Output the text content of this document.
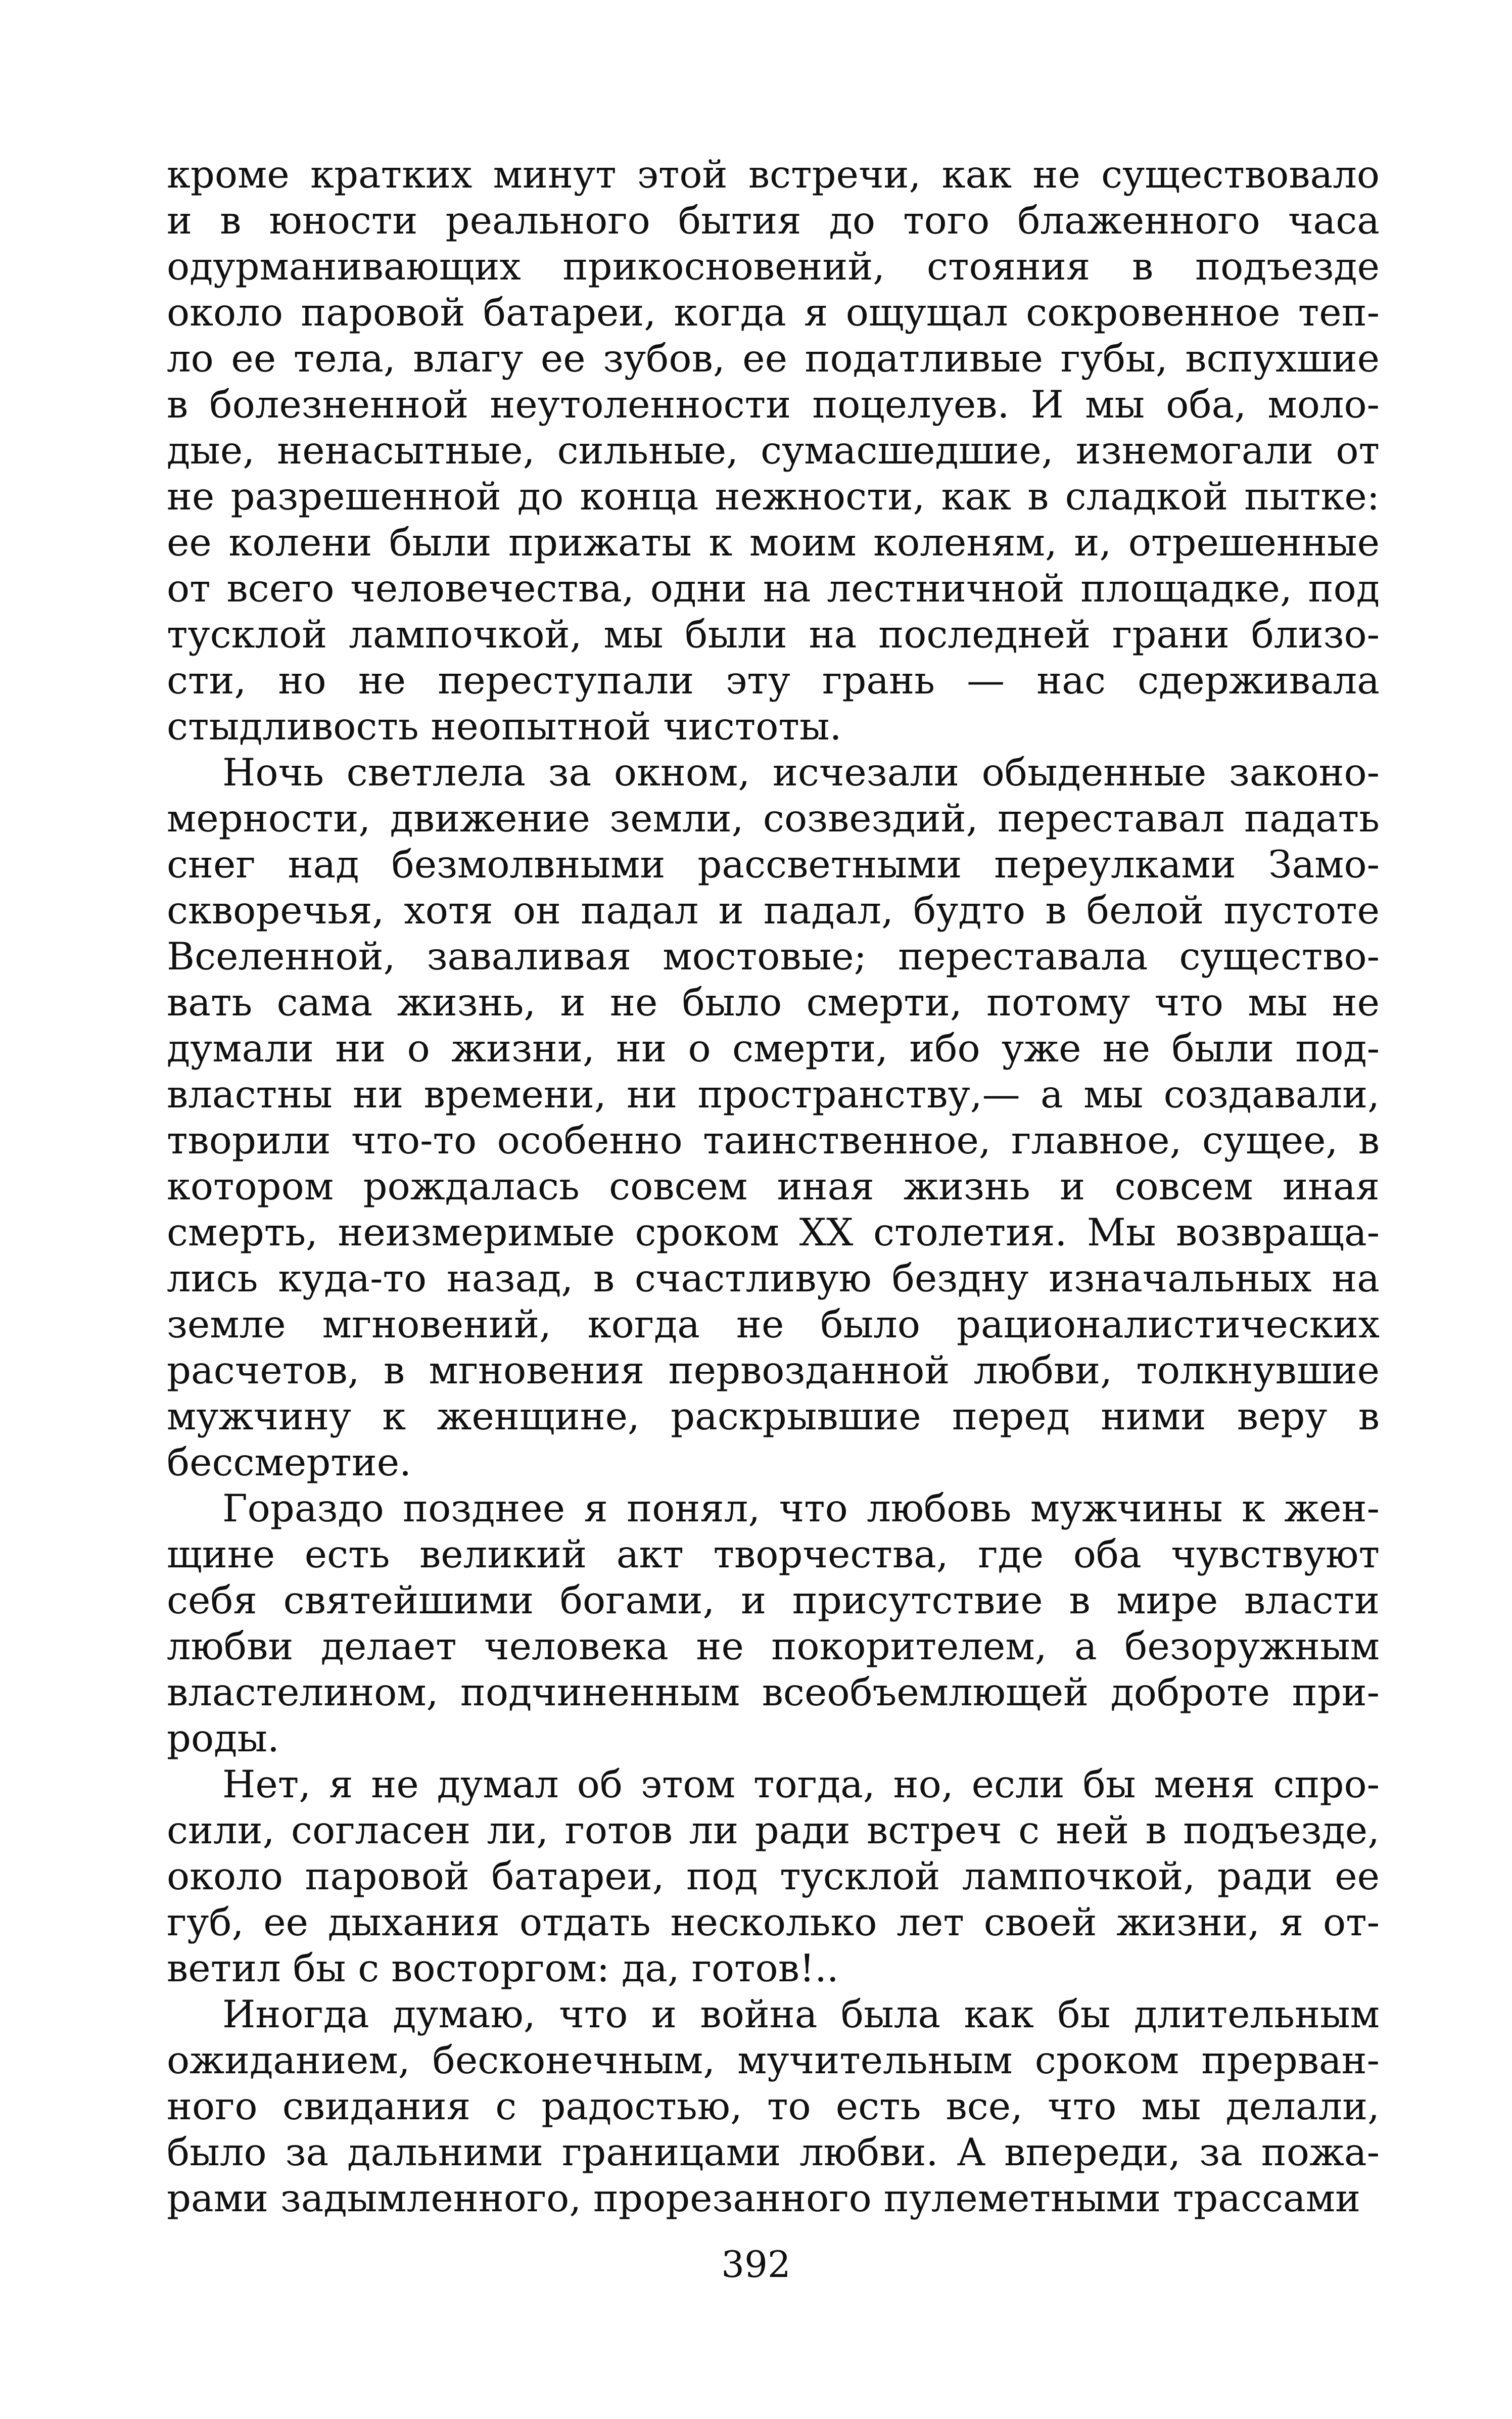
кроме кратких минут этой встречи, как не существовало
и в юности реального бытия до того блаженного часа
одурманивающих прикосновений, стояния в подъезде
около паровой батареи, когда я ощущал сокровенное теп-
ло ее тела, влагу ее зубов, ее податливые губы, вспухшие
в болезненной неутоленности поцелуев. И мы оба, моло-
дые, ненасытные, сильные, сумасшедшие, изнемогали от
не разрешенной до конца нежности, как в сладкой пытке:
ее колени были прижаты к моим коленям, и, отрешенные
от всего человечества, одни на лестничной площадке, под
тусклой лампочкой, мы были на последней грани близо-
сти, но не переступали эту грань — нас сдерживала
стыдливость неопытной чистоты.
Ночь светлела за окном, исчезали обыденные законо-
мерности, движение земли, созвездий, переставал падать
снег над безмолвными рассветными переулками Замо-
скворечья, хотя он падал и падал, будто в белой пустоте
Вселенной, заваливая мостовые; переставала существо-
вать сама жизнь, и не было смерти, потому что мы не
думали ни о жизни, ни о смерти, ибо уже не были под-
властны ни времени, ни пространству,— а мы создавали,
творили что-то особенно таинственное, главное, сущее, в
котором рождалась совсем иная жизнь и совсем иная
смерть, неизмеримые сроком XX столетия. Мы возвраща-
лись куда-то назад, в счастливую бездну изначальных на
земле мгновений, когда не было рационалистических
расчетов, в мгновения первозданной любви, толкнувшие
мужчину к женщине, раскрывшие перед ними веру в
бессмертие.
Гораздо позднее я понял, что любовь мужчины к жен-
щине есть великий акт творчества, где оба чувствуют
себя святейшими богами, и присутствие в мире власти
любви делает человека не покорителем, а безоружным
властелином, подчиненным всеобъемлющей доброте при-
роды.
Нет, я не думал об этом тогда, но, если бы меня спро-
сили, согласен ли, готов ли ради встреч с ней в подъезде,
около паровой батареи, под тусклой лампочкой, ради ее
губ, ее дыхания отдать несколько лет своей жизни, я от-
ветил бы с восторгом: да, готов!..
Иногда думаю, что и война была как бы длительным
ожиданием, бесконечным, мучительным сроком прерван-
ного свидания с радостью, то есть все, что мы делали,
было за дальними границами любви. А впереди, за пожа-
рами задымленного, прорезанного пулеметными трассами
392
